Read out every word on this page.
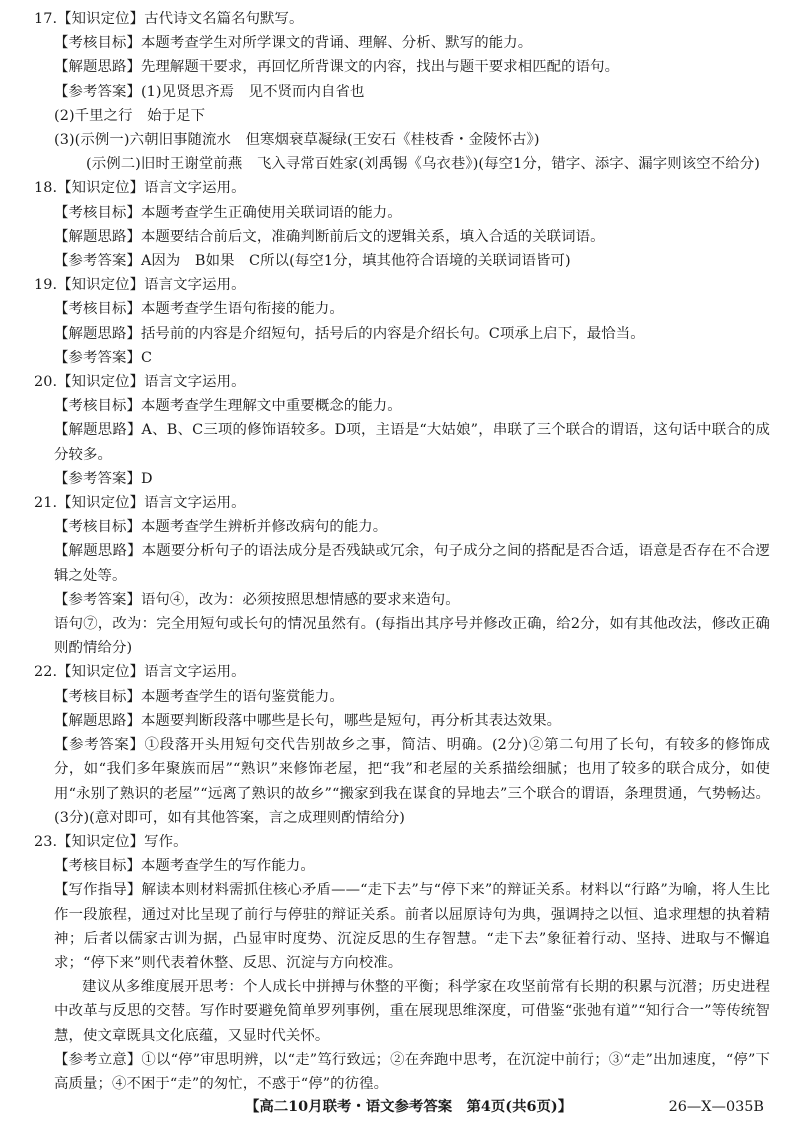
17.【知识定位】古代诗文名篇名句默写。

【考核目标】本题考查学生对所学课文的背诵、理解、分析、默写的能力。

【解题思路】先理解题干要求，再回忆所背课文的内容，找出与题干要求相匹配的语句。

【参考答案】(1)见贤思齐焉　见不贤而内自省也

(2)千里之行　始于足下

(3)(示例一)六朝旧事随流水　但寒烟衰草凝绿(王安石《桂枝香・金陵怀古》)

(示例二)旧时王谢堂前燕　飞入寻常百姓家(刘禹锡《乌衣巷》)(每空1分，错字、添字、漏字则该空不给分)

18.【知识定位】语言文字运用。

【考核目标】本题考查学生正确使用关联词语的能力。

【解题思路】本题要结合前后文，准确判断前后文的逻辑关系，填入合适的关联词语。

【参考答案】A因为　B如果　C所以(每空1分，填其他符合语境的关联词语皆可)

19.【知识定位】语言文字运用。

【考核目标】本题考查学生语句衔接的能力。

【解题思路】括号前的内容是介绍短句，括号后的内容是介绍长句。C项承上启下，最恰当。

【参考答案】C

20.【知识定位】语言文字运用。

【考核目标】本题考查学生理解文中重要概念的能力。

【解题思路】A、B、C三项的修饰语较多。D项，主语是“大姑娘”，串联了三个联合的谓语，这句话中联合的成分较多。

【参考答案】D

21.【知识定位】语言文字运用。

【考核目标】本题考查学生辨析并修改病句的能力。

【解题思路】本题要分析句子的语法成分是否残缺或冗余，句子成分之间的搭配是否合适，语意是否存在不合逻辑之处等。

【参考答案】语句④，改为：必须按照思想情感的要求来造句。

语句⑦，改为：完全用短句或长句的情况虽然有。(每指出其序号并修改正确，给2分，如有其他改法，修改正确则酌情给分)

22.【知识定位】语言文字运用。

【考核目标】本题考查学生的语句鉴赏能力。

【解题思路】本题要判断段落中哪些是长句，哪些是短句，再分析其表达效果。

【参考答案】①段落开头用短句交代告别故乡之事，简洁、明确。(2分)②第二句用了长句，有较多的修饰成分，如“我们多年聚族而居”“熟识”来修饰老屋，把“我”和老屋的关系描绘细腻；也用了较多的联合成分，如使用“永别了熟识的老屋”“远离了熟识的故乡”“搬家到我在谋食的异地去”三个联合的谓语，条理贯通，气势畅达。(3分)(意对即可，如有其他答案，言之成理则酌情给分)

23.【知识定位】写作。

【考核目标】本题考查学生的写作能力。

【写作指导】解读本则材料需抓住核心矛盾——“走下去”与“停下来”的辩证关系。材料以“行路”为喻，将人生比作一段旅程，通过对比呈现了前行与停驻的辩证关系。前者以屈原诗句为典，强调持之以恒、追求理想的执着精神；后者以儒家古训为据，凸显审时度势、沉淀反思的生存智慧。“走下去”象征着行动、坚持、进取与不懈追求；“停下来”则代表着休整、反思、沉淀与方向校准。

建议从多维度展开思考：个人成长中拼搏与休整的平衡；科学家在攻坚前常有长期的积累与沉潜；历史进程中改革与反思的交替。写作时要避免简单罗列事例，重在展现思维深度，可借鉴“张弛有道”“知行合一”等传统智慧，使文章既具文化底蕴，又显时代关怀。

【参考立意】①以“停”审思明辨，以“走”笃行致远；②在奔跑中思考，在沉淀中前行；③“走”出加速度，“停”下高质量；④不困于“走”的匆忙，不惑于“停”的彷徨。

【高二10月联考・语文参考答案　第4页(共6页)】	26—X—035B
